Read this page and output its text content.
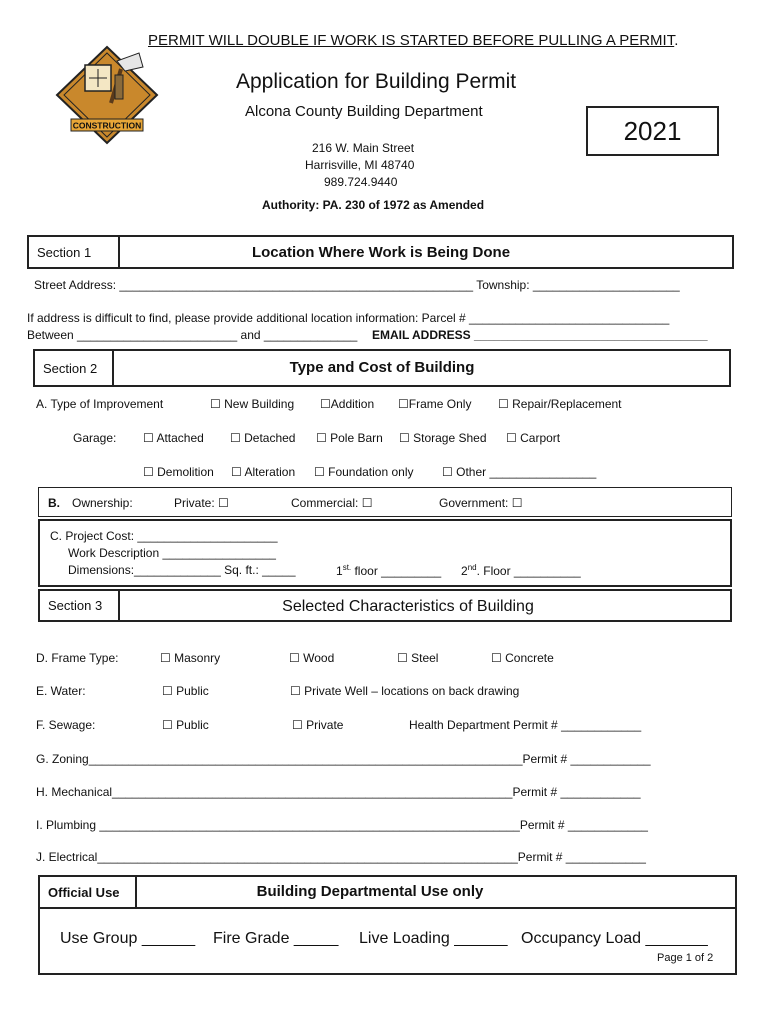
PERMIT WILL DOUBLE IF WORK IS STARTED BEFORE PULLING A PERMIT.
CONSTRUCTION
Application for Building Permit
Alcona County Building Department
216 W. Main Street
Harrisville, MI 48740
989.724.9440
Authority: PA. 230 of 1972 as Amended
2021
Section 1	Location Where Work is Being Done
Street Address: _____________________________________________________ Township: ______________________
If address is difficult to find, please provide additional location information: Parcel # ______________________________
Between ________________________ and ______________ EMAIL ADDRESS ___________________________________
Section 2	Type and Cost of Building
A. Type of Improvement	☐ New Building	☐ Addition	☐ Frame Only	☐ Repair/Replacement
Garage:	☐ Attached	☐ Detached	☐ Pole Barn	☐ Storage Shed	☐ Carport
☐ Demolition	☐ Alteration	☐ Foundation only	☐ Other ________________
B. Ownership:	Private: ☐	Commercial: ☐	Government: ☐
C. Project Cost: _____________________
Work Description _________________
Dimensions:_____________ Sq. ft.: _____	$1^{st.}$ floor _________ 2nd. Floor __________
Section 3	Selected Characteristics of Building
D. Frame Type:	☐ Masonry	☐ Wood	☐ Steel	☐ Concrete
E. Water:	☐ Public	☐ Private Well – locations on back drawing
F. Sewage:	☐ Public	☐ Private	Health Department Permit # ____________
G. Zoning_________________________________________________________________Permit # ____________
H. Mechanical____________________________________________________________Permit # ____________
I. Plumbing _______________________________________________________________Permit # ____________
J. Electrical_______________________________________________________________Permit # ____________
Official Use	Building Departmental Use only
Use Group ______ Fire Grade _____ Live Loading ______ Occupancy Load _______
Page 1 of 2
